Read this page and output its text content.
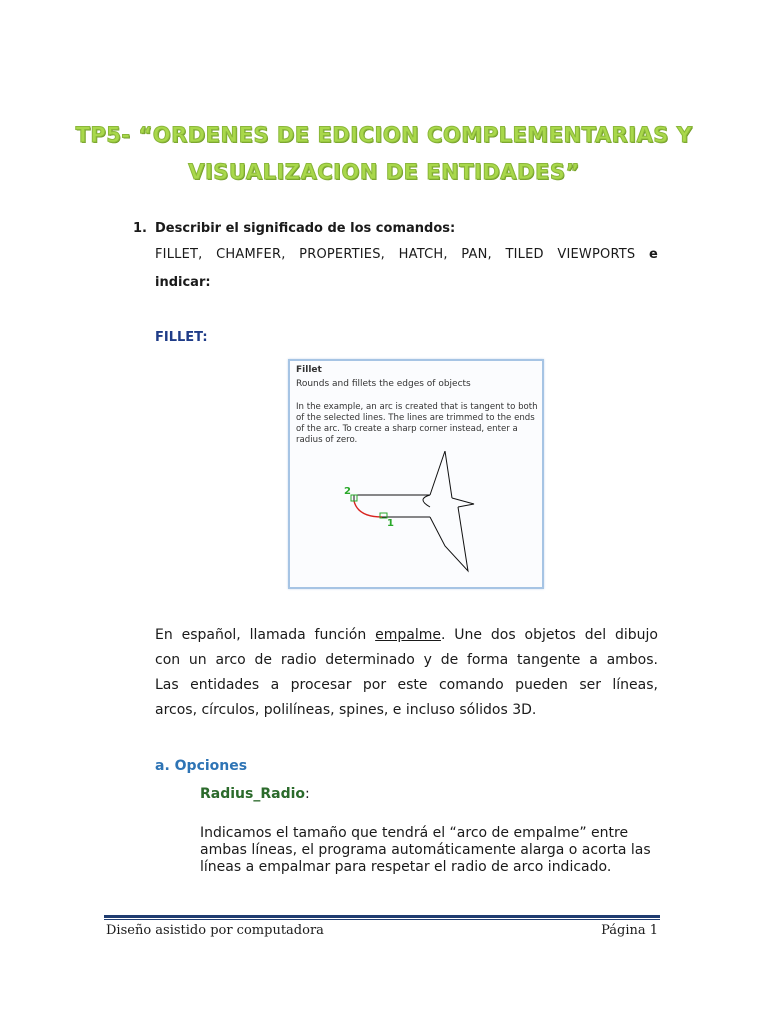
TP5- “ORDENES DE EDICION COMPLEMENTARIAS Y
VISUALIZACION DE ENTIDADES”
1. Describir el significado de los comandos:
FILLET, CHAMFER, PROPERTIES, HATCH, PAN, TILED VIEWPORTS e
indicar:
FILLET:
Fillet
Rounds and fillets the edges of objects
In the example, an arc is created that is tangent to both of the selected lines. The lines are trimmed to the ends of the arc. To create a sharp corner instead, enter a radius of zero.
2
1
En español, llamada función empalme. Une dos objetos del dibujo
con un arco de radio determinado y de forma tangente a ambos.
Las entidades a procesar por este comando pueden ser líneas,
arcos, círculos, polilíneas, spines, e incluso sólidos 3D.
a. Opciones
Radius_Radio:
Indicamos el tamaño que tendrá el “arco de empalme” entre ambas líneas, el programa automáticamente alarga o acorta las líneas a empalmar para respetar el radio de arco indicado.
Diseño asistido por computadora	Página 1
